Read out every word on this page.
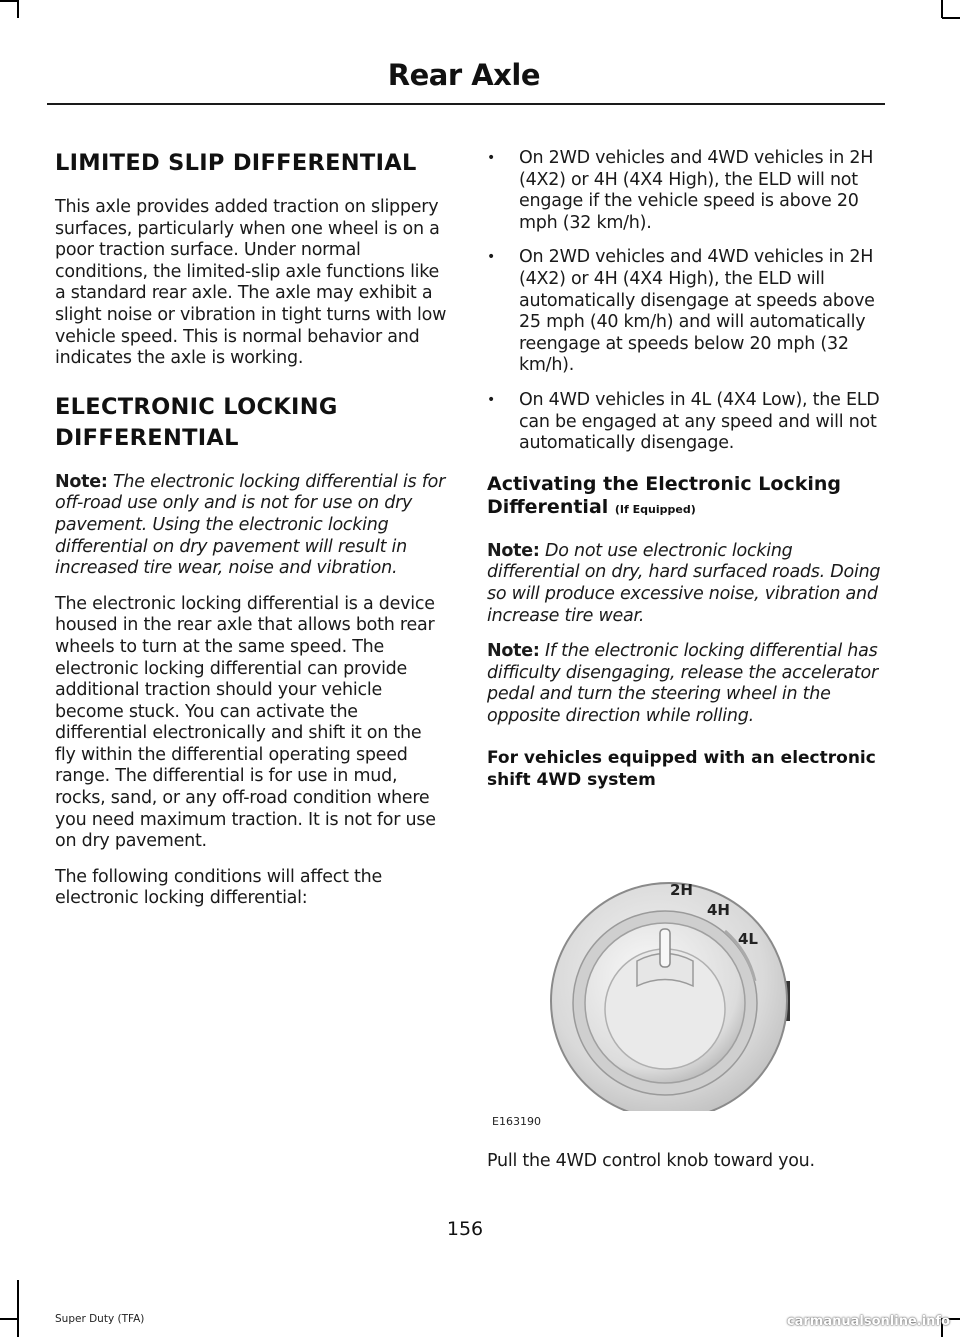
Rear Axle
LIMITED SLIP DIFFERENTIAL

This axle provides added traction on slippery surfaces, particularly when one wheel is on a poor traction surface. Under normal conditions, the limited-slip axle functions like a standard rear axle. The axle may exhibit a slight noise or vibration in tight turns with low vehicle speed. This is normal behavior and indicates the axle is working.

ELECTRONIC LOCKING
DIFFERENTIAL

Note: The electronic locking differential is for off-road use only and is not for use on dry pavement. Using the electronic locking differential on dry pavement will result in increased tire wear, noise and vibration.

The electronic locking differential is a device housed in the rear axle that allows both rear wheels to turn at the same speed. The electronic locking differential can provide additional traction should your vehicle become stuck. You can activate the differential electronically and shift it on the fly within the differential operating speed range. The differential is for use in mud, rocks, sand, or any off-road condition where you need maximum traction. It is not for use on dry pavement.

The following conditions will affect the electronic locking differential:

• On 2WD vehicles and 4WD vehicles in 2H (4X2) or 4H (4X4 High), the ELD will not engage if the vehicle speed is above 20 mph (32 km/h).
• On 2WD vehicles and 4WD vehicles in 2H (4X2) or 4H (4X4 High), the ELD will automatically disengage at speeds above 25 mph (40 km/h) and will automatically reengage at speeds below 20 mph (32 km/h).
• On 4WD vehicles in 4L (4X4 Low), the ELD can be engaged at any speed and will not automatically disengage.
Activating the Electronic Locking Differential (If Equipped)

Note: Do not use electronic locking differential on dry, hard surfaced roads. Doing so will produce excessive noise, vibration and increase tire wear.

Note: If the electronic locking differential has difficulty disengaging, release the accelerator pedal and turn the steering wheel in the opposite direction while rolling.

For vehicles equipped with an electronic shift 4WD system
2H
4H
4L
E163190

Pull the 4WD control knob toward you.

156
Super Duty (TFA)	carmanualsonline.info
